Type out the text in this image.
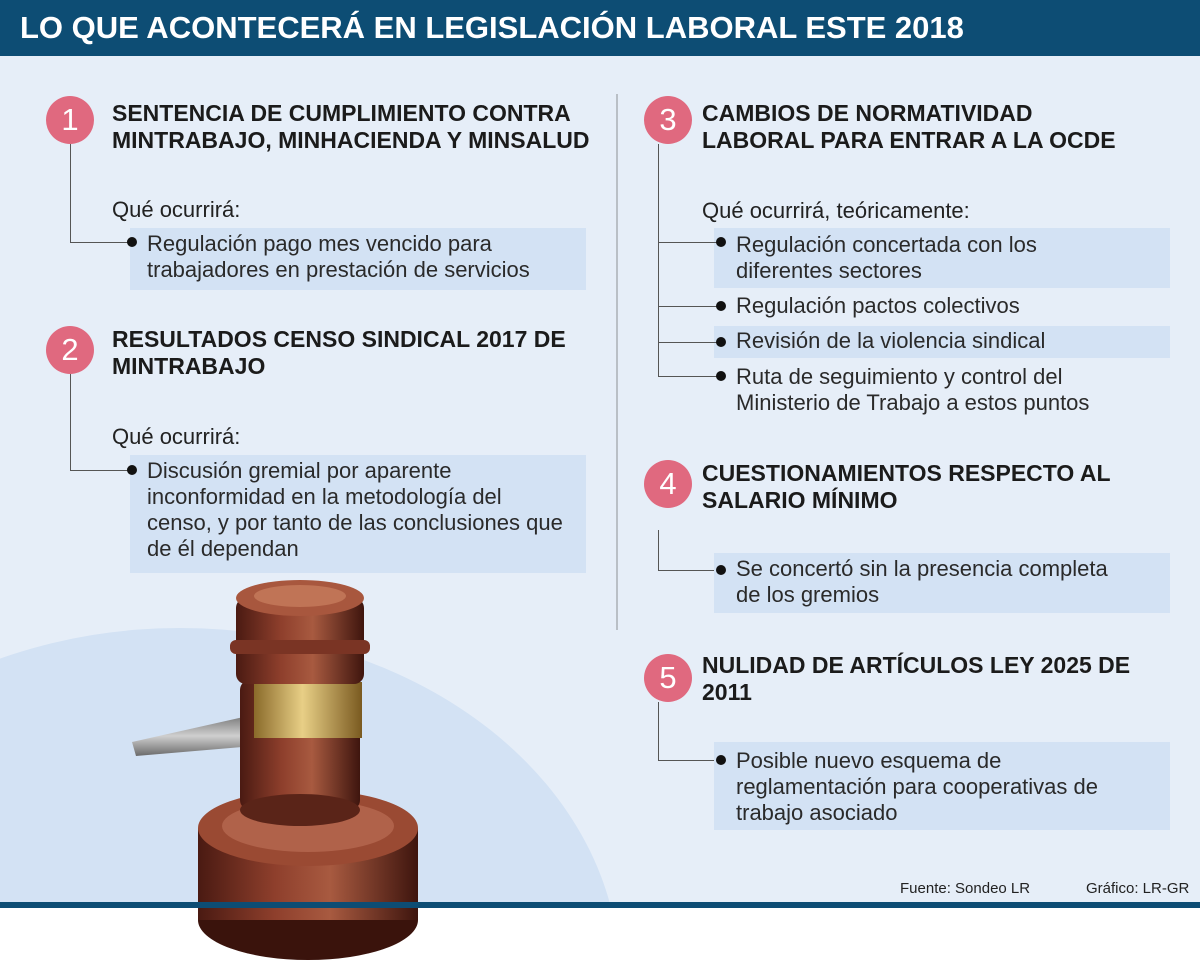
LO QUE ACONTECERÁ EN LEGISLACIÓN LABORAL ESTE 2018
1	SENTENCIA DE CUMPLIMIENTO CONTRA
MINTRABAJO, MINHACIENDA Y MINSALUD
Qué ocurrirá:
Regulación pago mes vencido para
trabajadores en prestación de servicios
2	RESULTADOS CENSO SINDICAL 2017 DE
MINTRABAJO
Qué ocurrirá:
Discusión gremial por aparente
inconformidad en la metodología del
censo, y por tanto de las conclusiones que
de él dependan
3	CAMBIOS DE NORMATIVIDAD
LABORAL PARA ENTRAR A LA OCDE
Qué ocurrirá, teóricamente:
Regulación concertada con los
diferentes sectores
Regulación pactos colectivos
Revisión de la violencia sindical
Ruta de seguimiento y control del
Ministerio de Trabajo a estos puntos
4	CUESTIONAMIENTOS RESPECTO AL
SALARIO MÍNIMO
Se concertó sin la presencia completa
de los gremios
5	NULIDAD DE ARTÍCULOS LEY 2025 DE
2011
Posible nuevo esquema de
reglamentación para cooperativas de
trabajo asociado
Fuente: Sondeo LR	Gráfico: LR-GR
